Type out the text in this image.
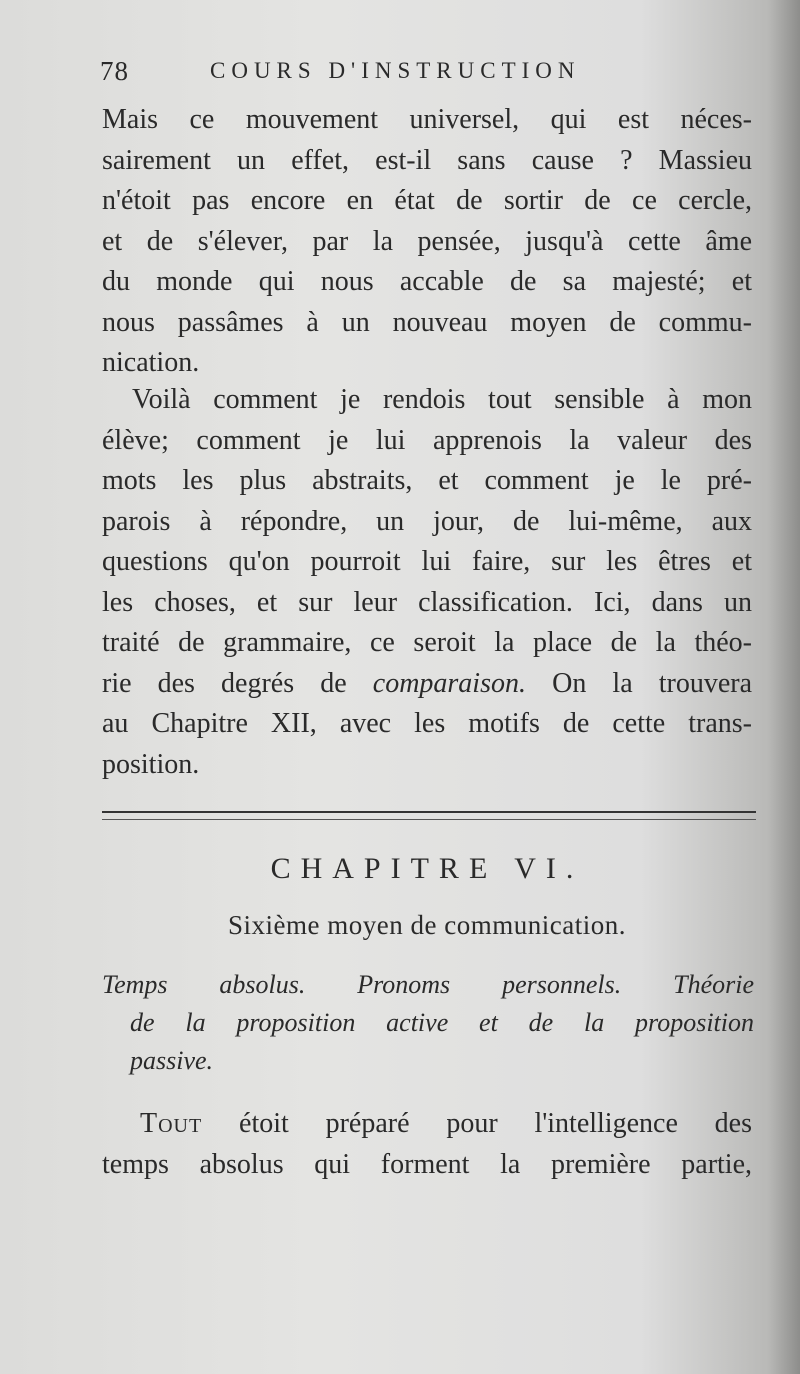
78	COURS D'INSTRUCTION
Mais ce mouvement universel, qui est néces-
sairement un effet, est-il sans cause ? Massieu
n'étoit pas encore en état de sortir de ce cercle,
et de s'élever, par la pensée, jusqu'à cette âme
du monde qui nous accable de sa majesté; et
nous passâmes à un nouveau moyen de commu-
nication.
Voilà comment je rendois tout sensible à mon
élève; comment je lui apprenois la valeur des
mots les plus abstraits, et comment je le pré-
parois à répondre, un jour, de lui-même, aux
questions qu'on pourroit lui faire, sur les êtres et
les choses, et sur leur classification. Ici, dans un
traité de grammaire, ce seroit la place de la théo-
rie des degrés de comparaison. On la trouvera
au Chapitre XII, avec les motifs de cette trans-
position.
CHAPITRE VI.
Sixième moyen de communication.
Temps absolus. Pronoms personnels. Théorie
de la proposition active et de la proposition
passive.
Tout étoit préparé pour l'intelligence des
temps absolus qui forment la première partie,
